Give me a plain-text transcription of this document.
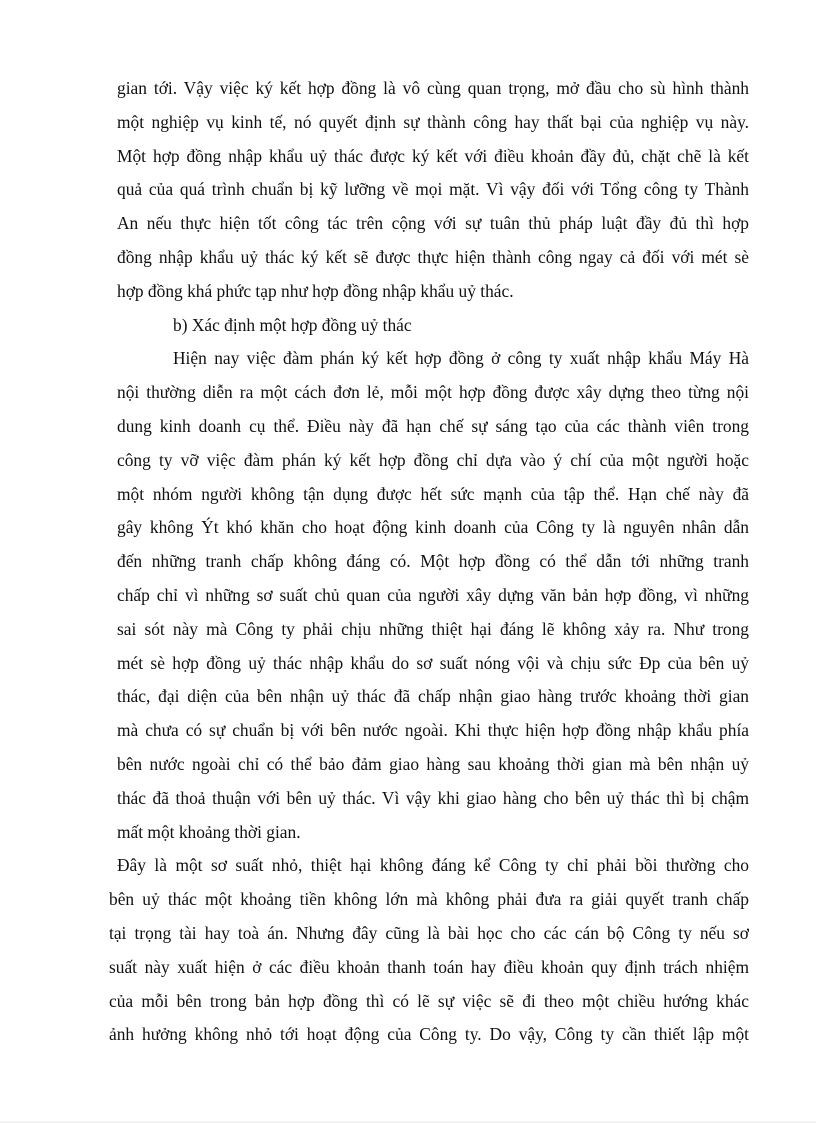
gian tới. Vậy việc ký kết hợp đồng là vô cùng quan trọng, mở đầu cho sù hình thành
một nghiệp vụ kinh tế, nó quyết định sự thành công hay thất bại của nghiệp vụ này.
Một hợp đồng nhập khẩu uỷ thác được ký kết với điều khoản đầy đủ, chặt chẽ là kết
quả của quá trình chuẩn bị kỹ lưỡng về mọi mặt. Vì vậy đối với Tổng công ty Thành
An nếu thực hiện tốt công tác trên cộng với sự tuân thủ pháp luật đầy đủ thì hợp
đồng nhập khẩu uỷ thác ký kết sẽ được thực hiện thành công ngay cả đối với mét sè
hợp đồng khá phức tạp như hợp đồng nhập khẩu uỷ thác.
b) Xác định một hợp đồng uỷ thác
Hiện nay việc đàm phán ký kết hợp đồng ở công ty xuất nhập khẩu Máy Hà
nội thường diễn ra một cách đơn lẻ, mỗi một hợp đồng được xây dựng theo từng nội
dung kinh doanh cụ thể. Điều này đã hạn chế sự sáng tạo của các thành viên trong
công ty vỡ việc đàm phán ký kết hợp đồng chỉ dựa vào ý chí của một người hoặc
một nhóm người không tận dụng được hết sức mạnh của tập thể. Hạn chế này đã
gây không Ýt khó khăn cho hoạt động kinh doanh của Công ty là nguyên nhân dẫn
đến những tranh chấp không đáng có. Một hợp đồng có thể dẫn tới những tranh
chấp chỉ vì những sơ suất chủ quan của người xây dựng văn bản hợp đồng, vì những
sai sót này mà Công ty phải chịu những thiệt hại đáng lẽ không xảy ra. Như trong
mét sè hợp đồng uỷ thác nhập khẩu do sơ suất nóng vội và chịu sức Ðp của bên uỷ
thác, đại diện của bên nhận uỷ thác đã chấp nhận giao hàng trước khoảng thời gian
mà chưa có sự chuẩn bị với bên nước ngoài. Khi thực hiện hợp đồng nhập khẩu phía
bên nước ngoài chỉ có thể bảo đảm giao hàng sau khoảng thời gian mà bên nhận uỷ
thác đã thoả thuận với bên uỷ thác. Vì vậy khi giao hàng cho bên uỷ thác thì bị chậm
mất một khoảng thời gian.
Đây là một sơ suất nhỏ, thiệt hại không đáng kể Công ty chỉ phải bồi thường cho
bên uỷ thác một khoảng tiền không lớn mà không phải đưa ra giải quyết tranh chấp
tại trọng tài hay toà án. Nhưng đây cũng là bài học cho các cán bộ Công ty nếu sơ
suất này xuất hiện ở các điều khoản thanh toán hay điều khoản quy định trách nhiệm
của mỗi bên trong bản hợp đồng thì có lẽ sự việc sẽ đi theo một chiều hướng khác
ảnh hưởng không nhỏ tới hoạt động của Công ty. Do vậy, Công ty cần thiết lập một
